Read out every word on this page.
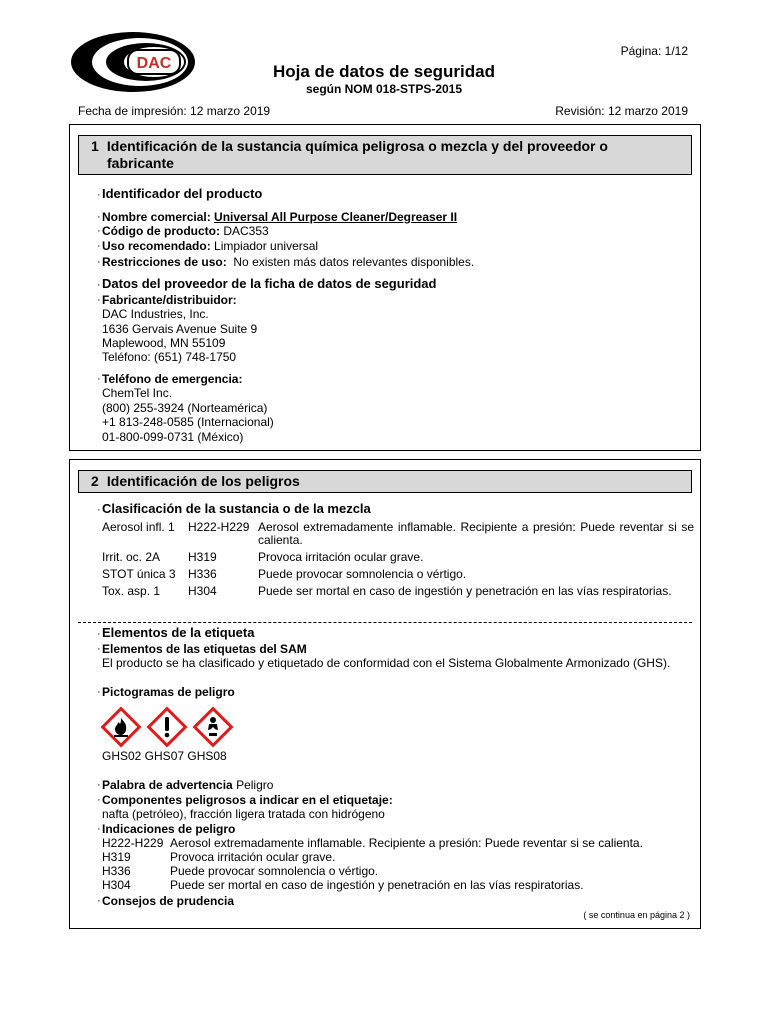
DAC
Página: 1/12
Hoja de datos de seguridad
según NOM 018-STPS-2015
Fecha de impresión: 12 marzo 2019	Revisión: 12 marzo 2019
1 Identificación de la sustancia química peligrosa o mezcla y del proveedor o
fabricante
· Identificador del producto
· Nombre comercial: Universal All Purpose Cleaner/Degreaser II
· Código de producto: DAC353
· Uso recomendado: Limpiador universal
· Restricciones de uso: No existen más datos relevantes disponibles.
· Datos del proveedor de la ficha de datos de seguridad
· Fabricante/distribuidor:
DAC Industries, Inc.
1636 Gervais Avenue Suite 9
Maplewood, MN 55109
Teléfono: (651) 748-1750
· Teléfono de emergencia:
ChemTel Inc.
(800) 255-3924 (Norteamérica)
+1 813-248-0585 (Internacional)
01-800-099-0731 (México)
2 Identificación de los peligros
· Clasificación de la sustancia o de la mezcla
Aerosol infl. 1	H222-H229 Aerosol extremadamente inflamable. Recipiente a presión: Puede reventar si se calienta.
Irrit. oc. 2A	H319	Provoca irritación ocular grave.
STOT única 3	H336	Puede provocar somnolencia o vértigo.
Tox. asp. 1	H304	Puede ser mortal en caso de ingestión y penetración en las vías respiratorias.
· Elementos de la etiqueta
· Elementos de las etiquetas del SAM
El producto se ha clasificado y etiquetado de conformidad con el Sistema Globalmente Armonizado (GHS).
· Pictogramas de peligro
GHS02 GHS07 GHS08
· Palabra de advertencia Peligro
· Componentes peligrosos a indicar en el etiquetaje:
nafta (petróleo), fracción ligera tratada con hidrógeno
· Indicaciones de peligro
H222-H229 Aerosol extremadamente inflamable. Recipiente a presión: Puede reventar si se calienta.
H319	Provoca irritación ocular grave.
H336	Puede provocar somnolencia o vértigo.
H304	Puede ser mortal en caso de ingestión y penetración en las vías respiratorias.
· Consejos de prudencia
( se continua en página 2 )
